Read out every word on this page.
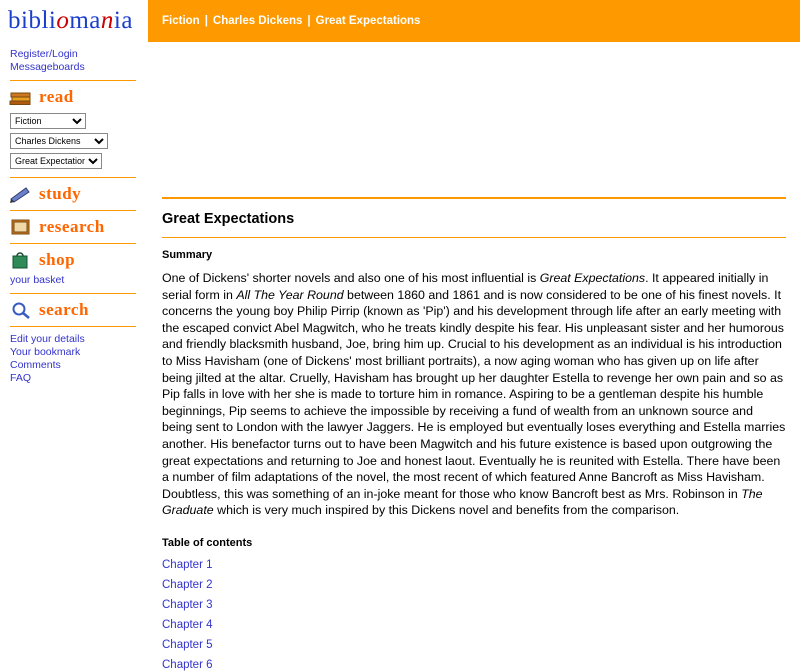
bibliomania	Fiction | Charles Dickens | Great Expectations
Register/Login
Messageboards
read
Fiction
Charles Dickens
Great Expectations
study
research
shop
your basket
search
Edit your details
Your bookmark
Comments
FAQ
Great Expectations
Summary

One of Dickens' shorter novels and also one of his most influential is Great Expectations. It appeared initially in serial form in All The Year Round between 1860 and 1861 and is now considered to be one of his finest novels. It concerns the young boy Philip Pirrip (known as 'Pip') and his development through life after an early meeting with the escaped convict Abel Magwitch, who he treats kindly despite his fear. His unpleasant sister and her humorous and friendly blacksmith husband, Joe, bring him up. Crucial to his development as an individual is his introduction to Miss Havisham (one of Dickens' most brilliant portraits), a now aging woman who has given up on life after being jilted at the altar. Cruelly, Havisham has brought up her daughter Estella to revenge her own pain and so as Pip falls in love with her she is made to torture him in romance. Aspiring to be a gentleman despite his humble beginnings, Pip seems to achieve the impossible by receiving a fund of wealth from an unknown source and being sent to London with the lawyer Jaggers. He is employed but eventually loses everything and Estella marries another. His benefactor turns out to have been Magwitch and his future existence is based upon outgrowing the great expectations and returning to Joe and honest laout. Eventually he is reunited with Estella. There have been a number of film adaptations of the novel, the most recent of which featured Anne Bancroft as Miss Havisham. Doubtless, this was something of an in-joke meant for those who know Bancroft best as Mrs. Robinson in The Graduate which is very much inspired by this Dickens novel and benefits from the comparison.

Table of contents
Chapter 1
Chapter 2
Chapter 3
Chapter 4
Chapter 5
Chapter 6
